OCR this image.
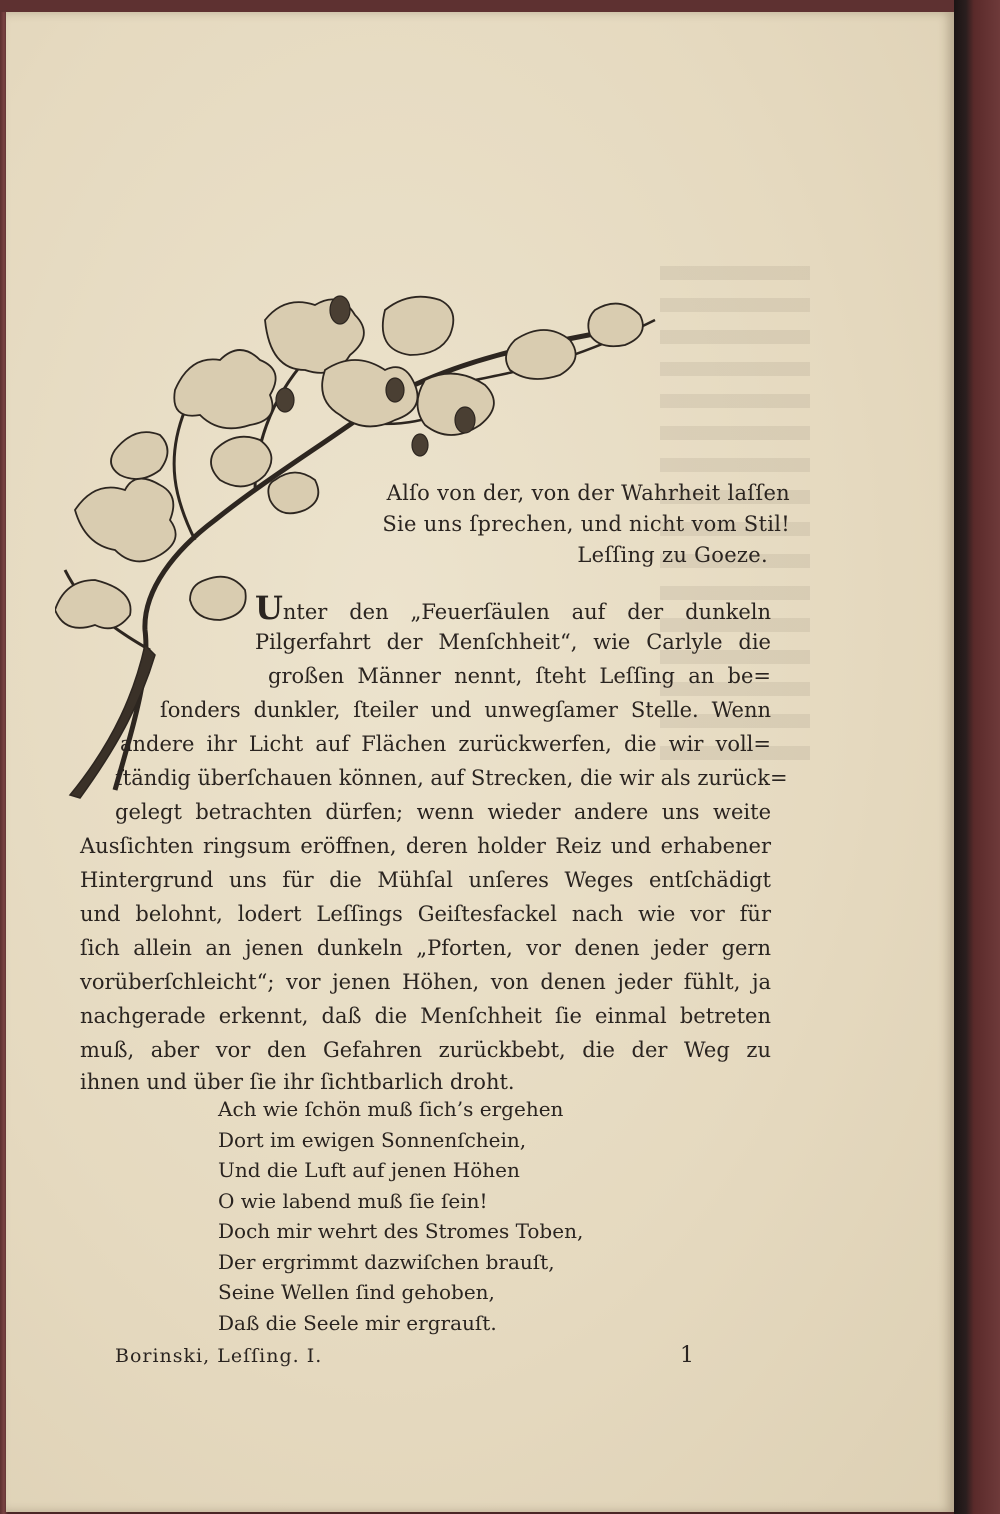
Alſo von der, von der Wahrheit laſſen
Sie uns ſprechen, und nicht vom Stil!
Leſſing zu Goeze.
Unter den „Feuerſäulen auf der dunkeln
Pilgerfahrt der Menſchheit“, wie Carlyle die
großen Männer nennt, ſteht Leſſing an be=
ſonders dunkler, ſteiler und unwegſamer Stelle. Wenn
andere ihr Licht auf Flächen zurückwerfen, die wir voll=
ſtändig überſchauen können, auf Strecken, die wir als zurück=
gelegt betrachten dürfen; wenn wieder andere uns weite
Ausſichten ringsum eröffnen, deren holder Reiz und erhabener
Hintergrund uns für die Mühſal unſeres Weges entſchädigt
und belohnt, lodert Leſſings Geiſtesfackel nach wie vor für
ſich allein an jenen dunkeln „Pforten, vor denen jeder gern
vorüberſchleicht“; vor jenen Höhen, von denen jeder fühlt, ja
nachgerade erkennt, daß die Menſchheit ſie einmal betreten
muß, aber vor den Gefahren zurückbebt, die der Weg zu
ihnen und über ſie ihr ſichtbarlich droht.
Ach wie ſchön muß ſich’s ergehen
Dort im ewigen Sonnenſchein,
Und die Luft auf jenen Höhen
O wie labend muß ſie ſein!
Doch mir wehrt des Stromes Toben,
Der ergrimmt dazwiſchen brauſt,
Seine Wellen ſind gehoben,
Daß die Seele mir ergrauſt.
Borinski, Leſſing. I.	1
